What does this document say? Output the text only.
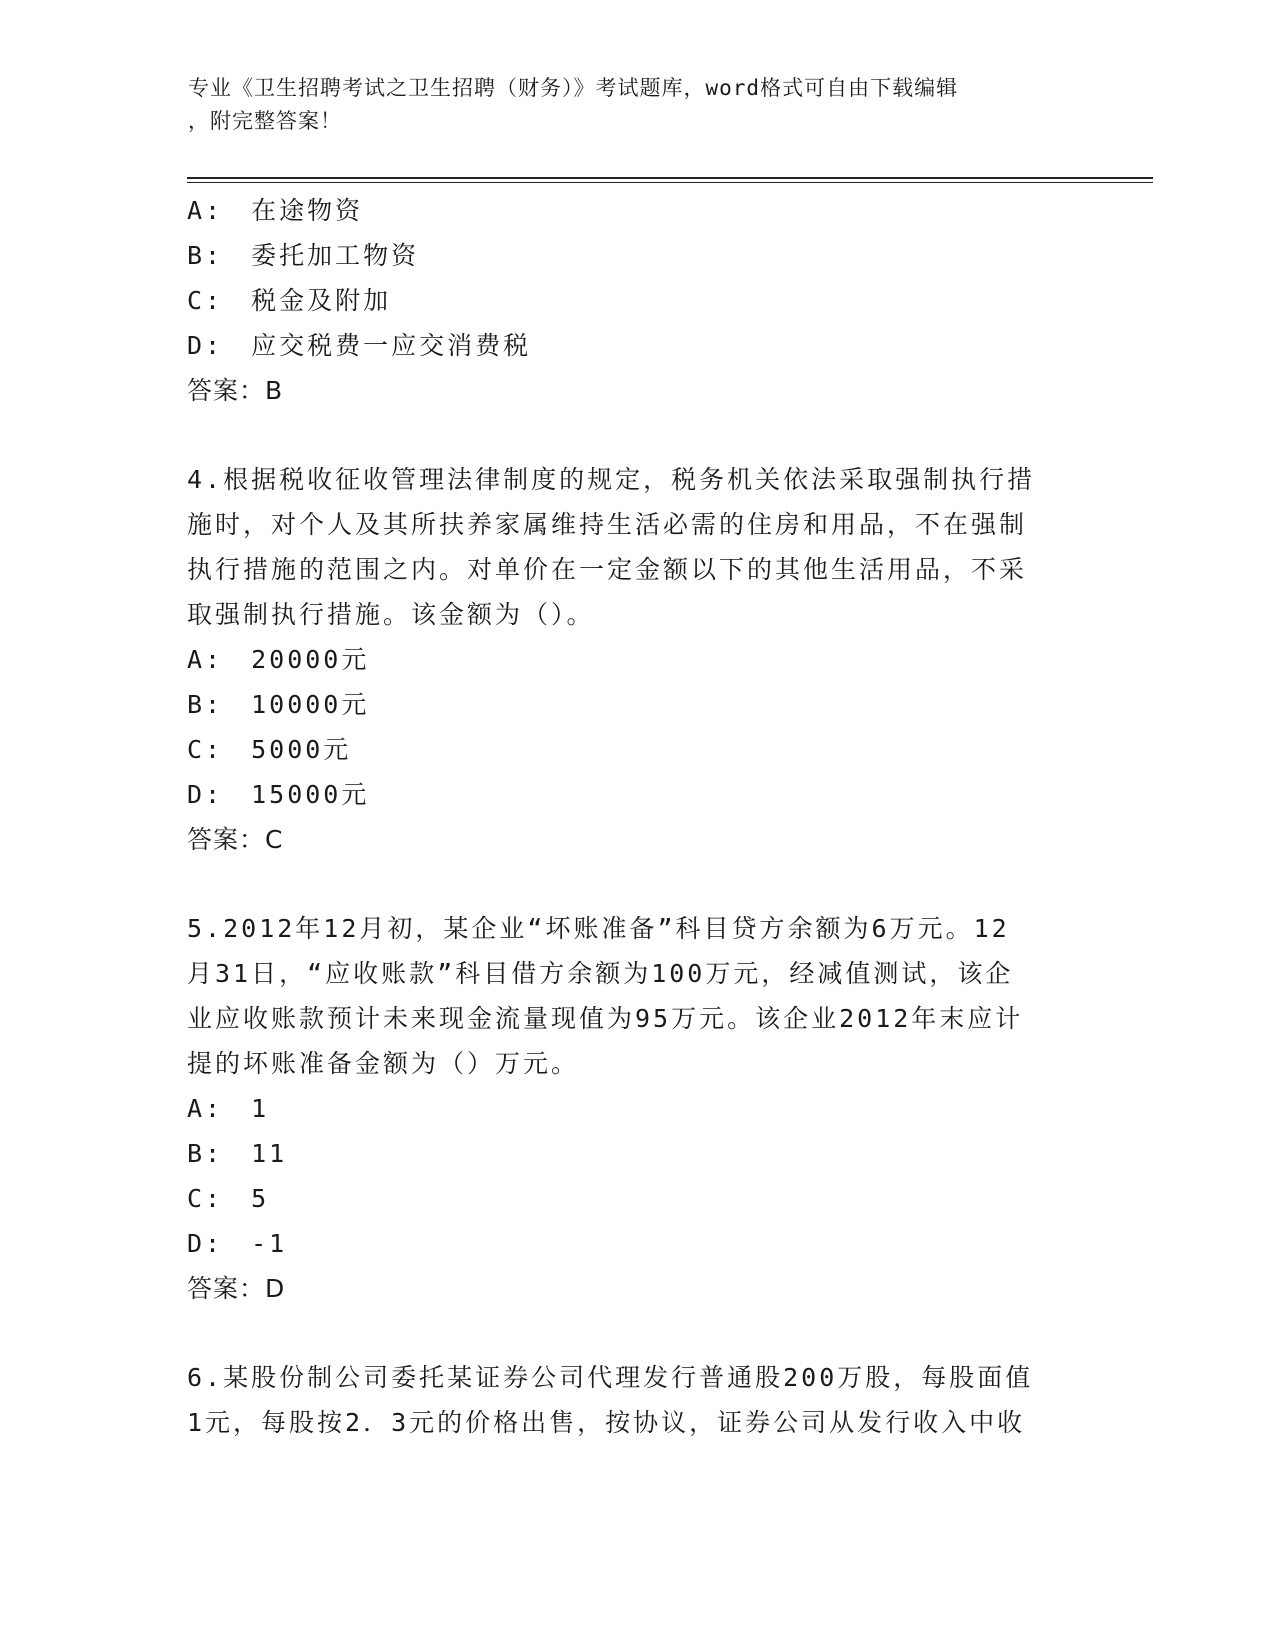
专业《卫生招聘考试之卫生招聘（财务）》考试题库，word格式可自由下载编辑
，附完整答案！
A:　在途物资
B:　委托加工物资
C:　税金及附加
D:　应交税费一应交消费税
答案：B
4.根据税收征收管理法律制度的规定，税务机关依法采取强制执行措
施时，对个人及其所扶养家属维持生活必需的住房和用品，不在强制
执行措施的范围之内。对单价在一定金额以下的其他生活用品，不采
取强制执行措施。该金额为（）。
A:　20000元
B:　10000元
C:　5000元
D:　15000元
答案：C
5.2012年12月初，某企业“坏账准备”科目贷方余额为6万元。12
月31日，“应收账款”科目借方余额为100万元，经减值测试，该企
业应收账款预计未来现金流量现值为95万元。该企业2012年末应计
提的坏账准备金额为（）万元。
A:　1
B:　11
C:　5
D:　-1
答案：D
6.某股份制公司委托某证券公司代理发行普通股200万股，每股面值
1元，每股按2．3元的价格出售，按协议，证券公司从发行收入中收
